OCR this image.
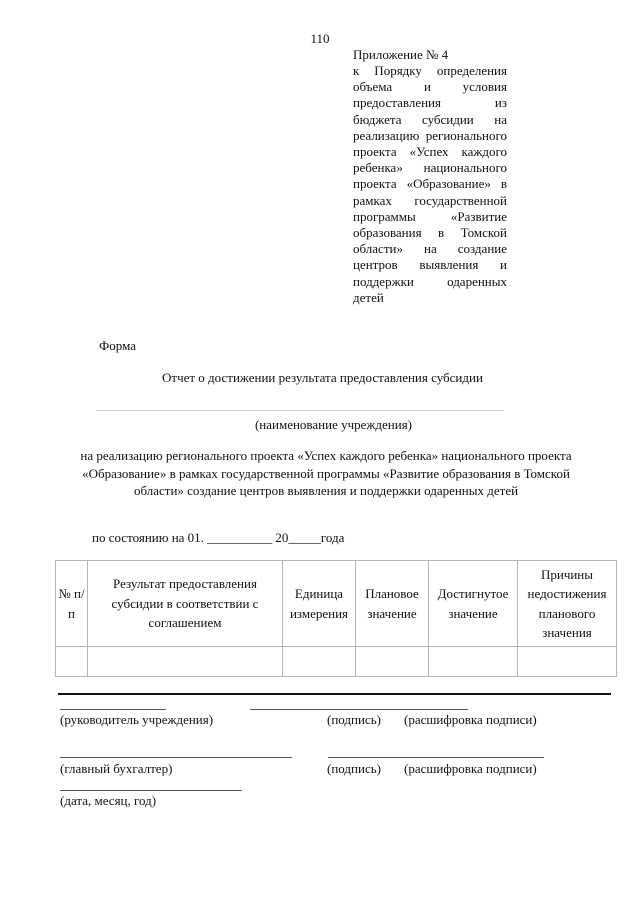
110
Приложение № 4
к Порядку определения объема и условия предоставления из бюджета субсидии на реализацию регионального проекта «Успех каждого ребенка» национального проекта «Образование» в рамках государственной программы «Развитие образования в Томской области» на создание центров выявления и поддержки одаренных детей
Форма
Отчет о достижении результата предоставления субсидии
(наименование учреждения)
на реализацию регионального проекта «Успех каждого ребенка» национального проекта «Образование» в рамках государственной программы «Развитие образования в Томской области» создание центров выявления и поддержки одаренных детей
по состоянию на 01. __________ 20_____года
№ п/п	Результат предоставления субсидии в соответствии с соглашением	Единица измерения	Плановое значение	Достигнутое значение	Причины недостижения планового значения

(руководитель учреждения)	(подпись) (расшифровка подписи)
(главный бухгалтер)	(подпись) (расшифровка подписи)
(дата, месяц, год)
